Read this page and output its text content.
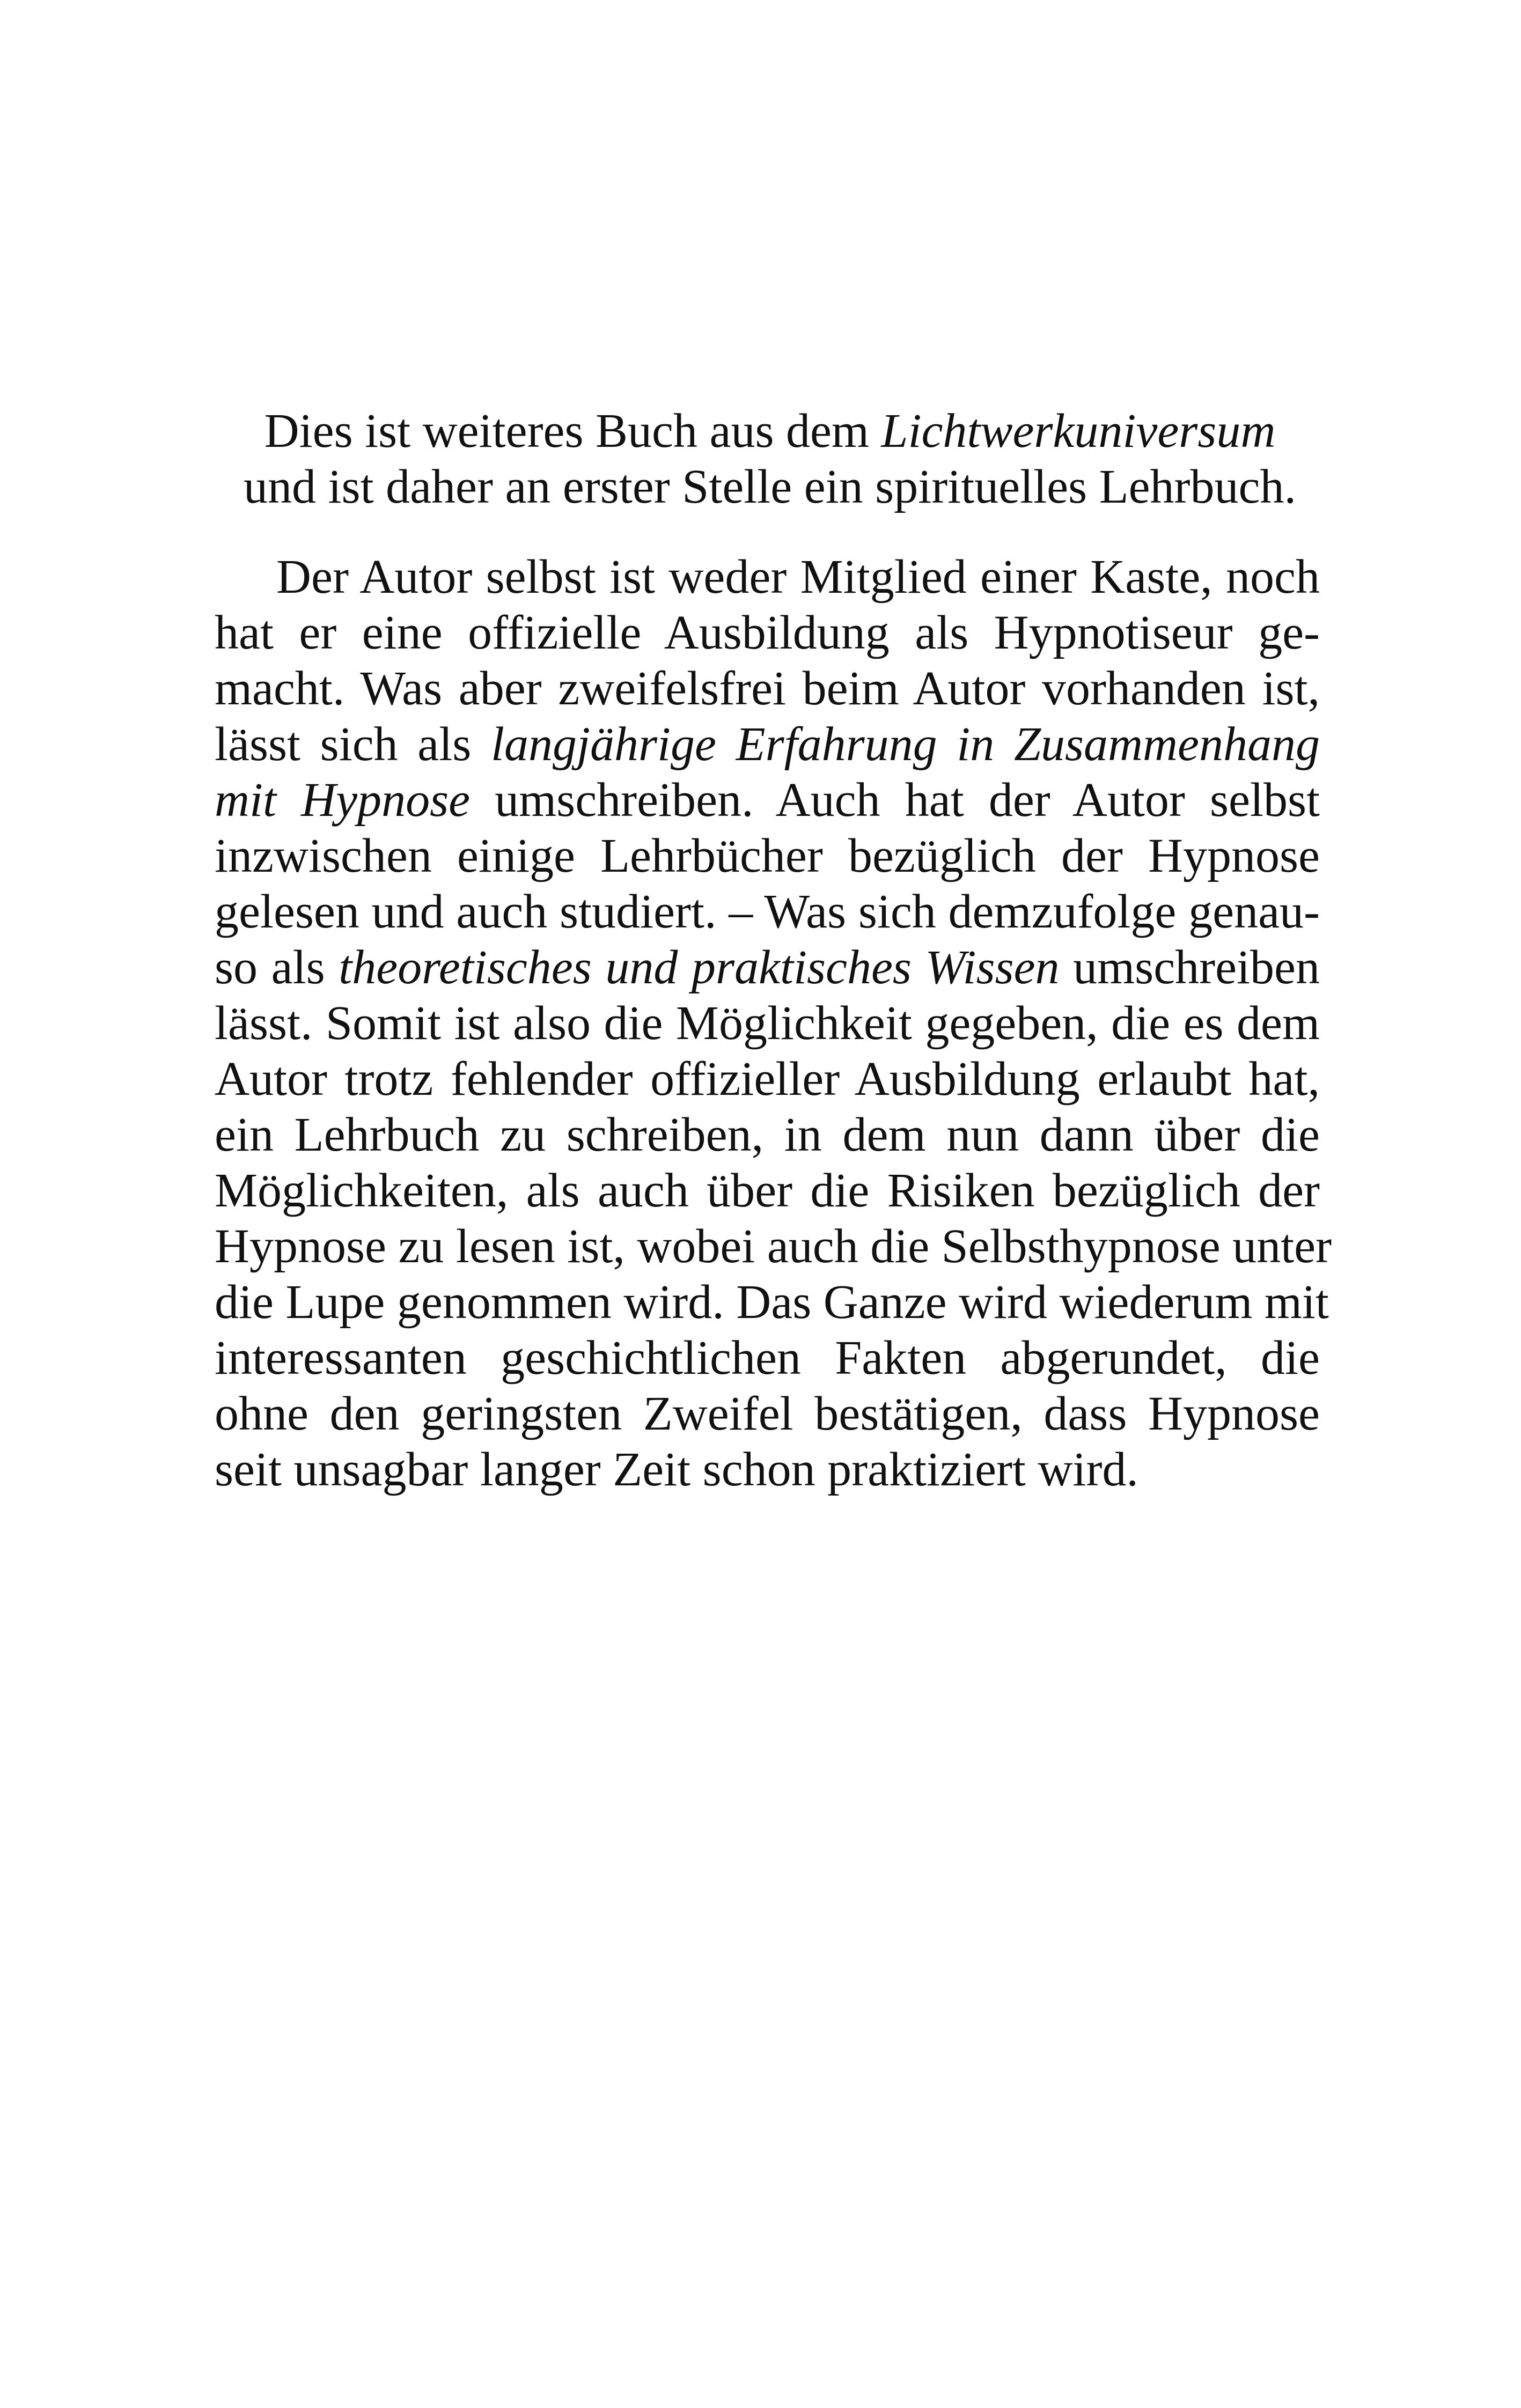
Dies ist weiteres Buch aus dem Lichtwerkuniversum
und ist daher an erster Stelle ein spirituelles Lehrbuch.
Der Autor selbst ist weder Mitglied einer Kaste, noch
hat er eine offizielle Ausbildung als Hypnotiseur ge-
macht. Was aber zweifelsfrei beim Autor vorhanden ist,
lässt sich als langjährige Erfahrung in Zusammenhang
mit Hypnose umschreiben. Auch hat der Autor selbst
inzwischen einige Lehrbücher bezüglich der Hypnose
gelesen und auch studiert. – Was sich demzufolge genau-
so als theoretisches und praktisches Wissen umschreiben
lässt. Somit ist also die Möglichkeit gegeben, die es dem
Autor trotz fehlender offizieller Ausbildung erlaubt hat,
ein Lehrbuch zu schreiben, in dem nun dann über die
Möglichkeiten, als auch über die Risiken bezüglich der
Hypnose zu lesen ist, wobei auch die Selbsthypnose unter
die Lupe genommen wird. Das Ganze wird wiederum mit
interessanten geschichtlichen Fakten abgerundet, die
ohne den geringsten Zweifel bestätigen, dass Hypnose
seit unsagbar langer Zeit schon praktiziert wird.
